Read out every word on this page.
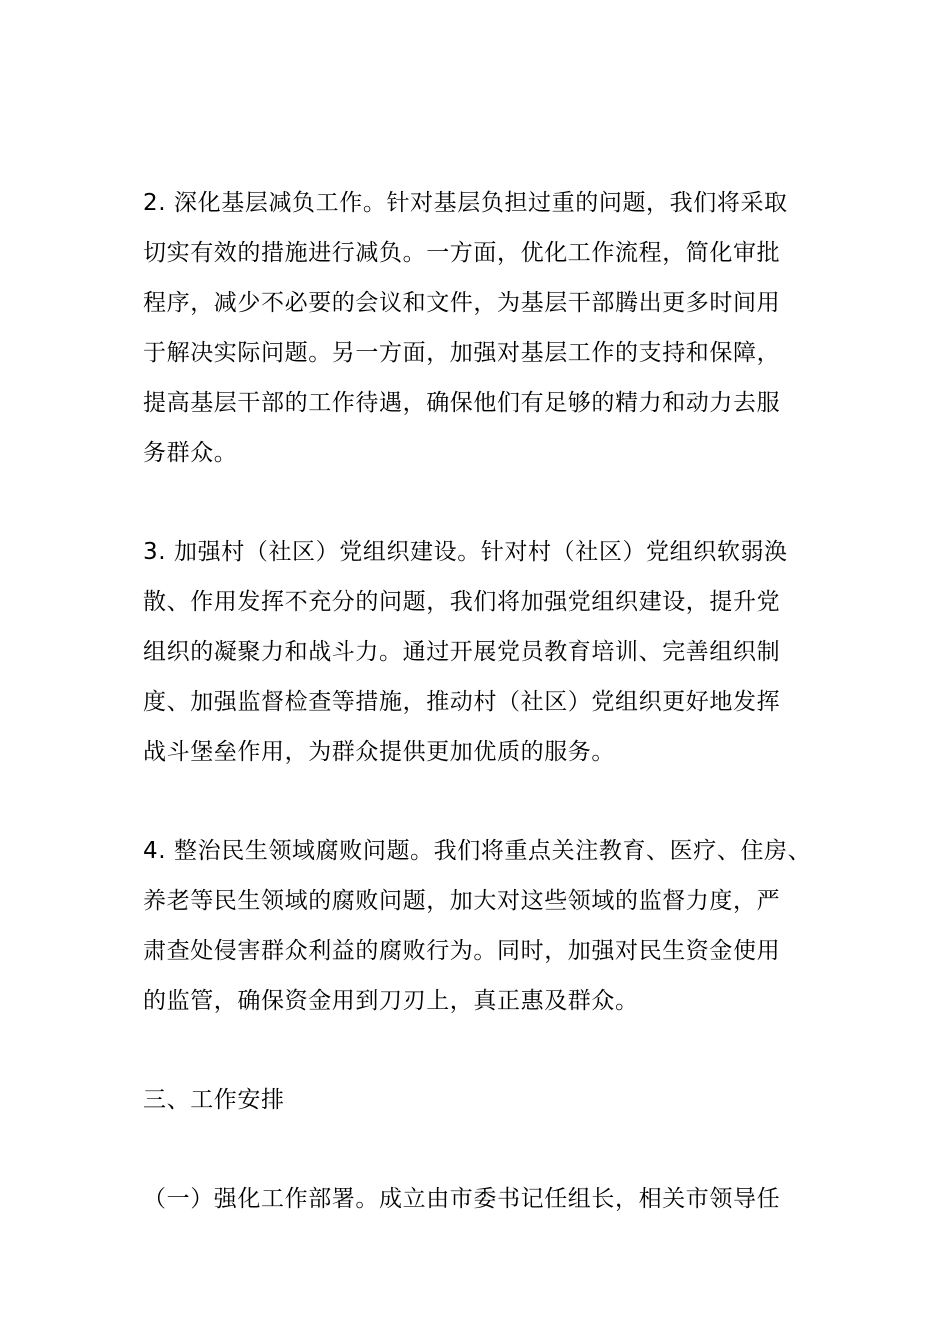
2. 深化基层减负工作。针对基层负担过重的问题，我们将采取
切实有效的措施进行减负。一方面，优化工作流程，简化审批
程序，减少不必要的会议和文件，为基层干部腾出更多时间用
于解决实际问题。另一方面，加强对基层工作的支持和保障，
提高基层干部的工作待遇，确保他们有足够的精力和动力去服
务群众。

3. 加强村（社区）党组织建设。针对村（社区）党组织软弱涣
散、作用发挥不充分的问题，我们将加强党组织建设，提升党
组织的凝聚力和战斗力。通过开展党员教育培训、完善组织制
度、加强监督检查等措施，推动村（社区）党组织更好地发挥
战斗堡垒作用，为群众提供更加优质的服务。

4. 整治民生领域腐败问题。我们将重点关注教育、医疗、住房、
养老等民生领域的腐败问题，加大对这些领域的监督力度，严
肃查处侵害群众利益的腐败行为。同时，加强对民生资金使用
的监管，确保资金用到刀刃上，真正惠及群众。

三、工作安排

（一）强化工作部署。成立由市委书记任组长，相关市领导任
